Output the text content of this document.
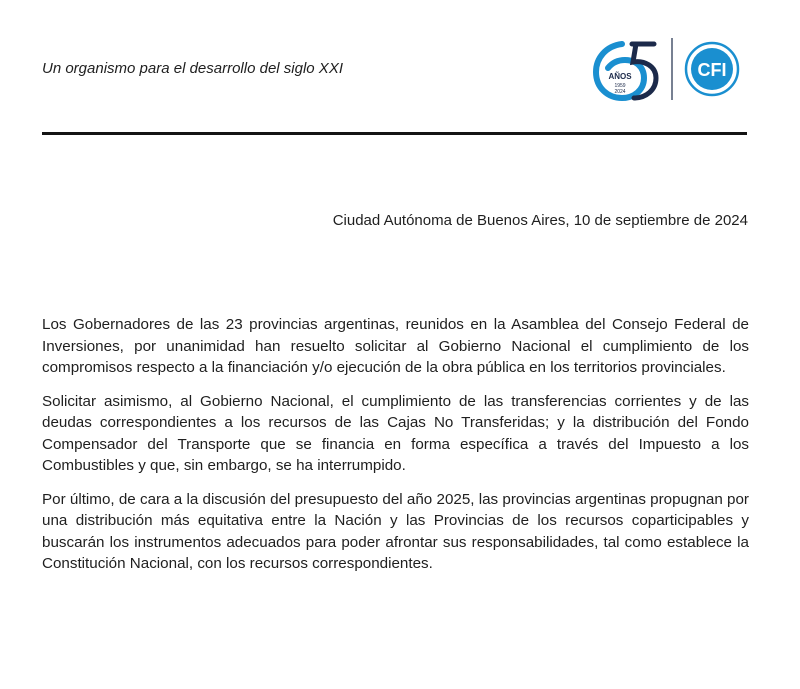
Un organismo para el desarrollo del siglo XXI	AÑOS
1959
2024
CFI
Ciudad Autónoma de Buenos Aires, 10 de septiembre de 2024

Los Gobernadores de las 23 provincias argentinas, reunidos en la Asamblea del Consejo Federal de Inversiones, por unanimidad han resuelto solicitar al Gobierno Nacional el cumplimiento de los compromisos respecto a la financiación y/o ejecución de la obra pública en los territorios provinciales.

Solicitar asimismo, al Gobierno Nacional, el cumplimiento de las transferencias corrientes y de las deudas correspondientes a los recursos de las Cajas No Transferidas; y la distribución del Fondo Compensador del Transporte que se financia en forma específica a través del Impuesto a los Combustibles y que, sin embargo, se ha interrumpido.

Por último, de cara a la discusión del presupuesto del año 2025, las provincias argentinas propugnan por una distribución más equitativa entre la Nación y las Provincias de los recursos coparticipables y buscarán los instrumentos adecuados para poder afrontar sus responsabilidades, tal como establece la Constitución Nacional, con los recursos correspondientes.
